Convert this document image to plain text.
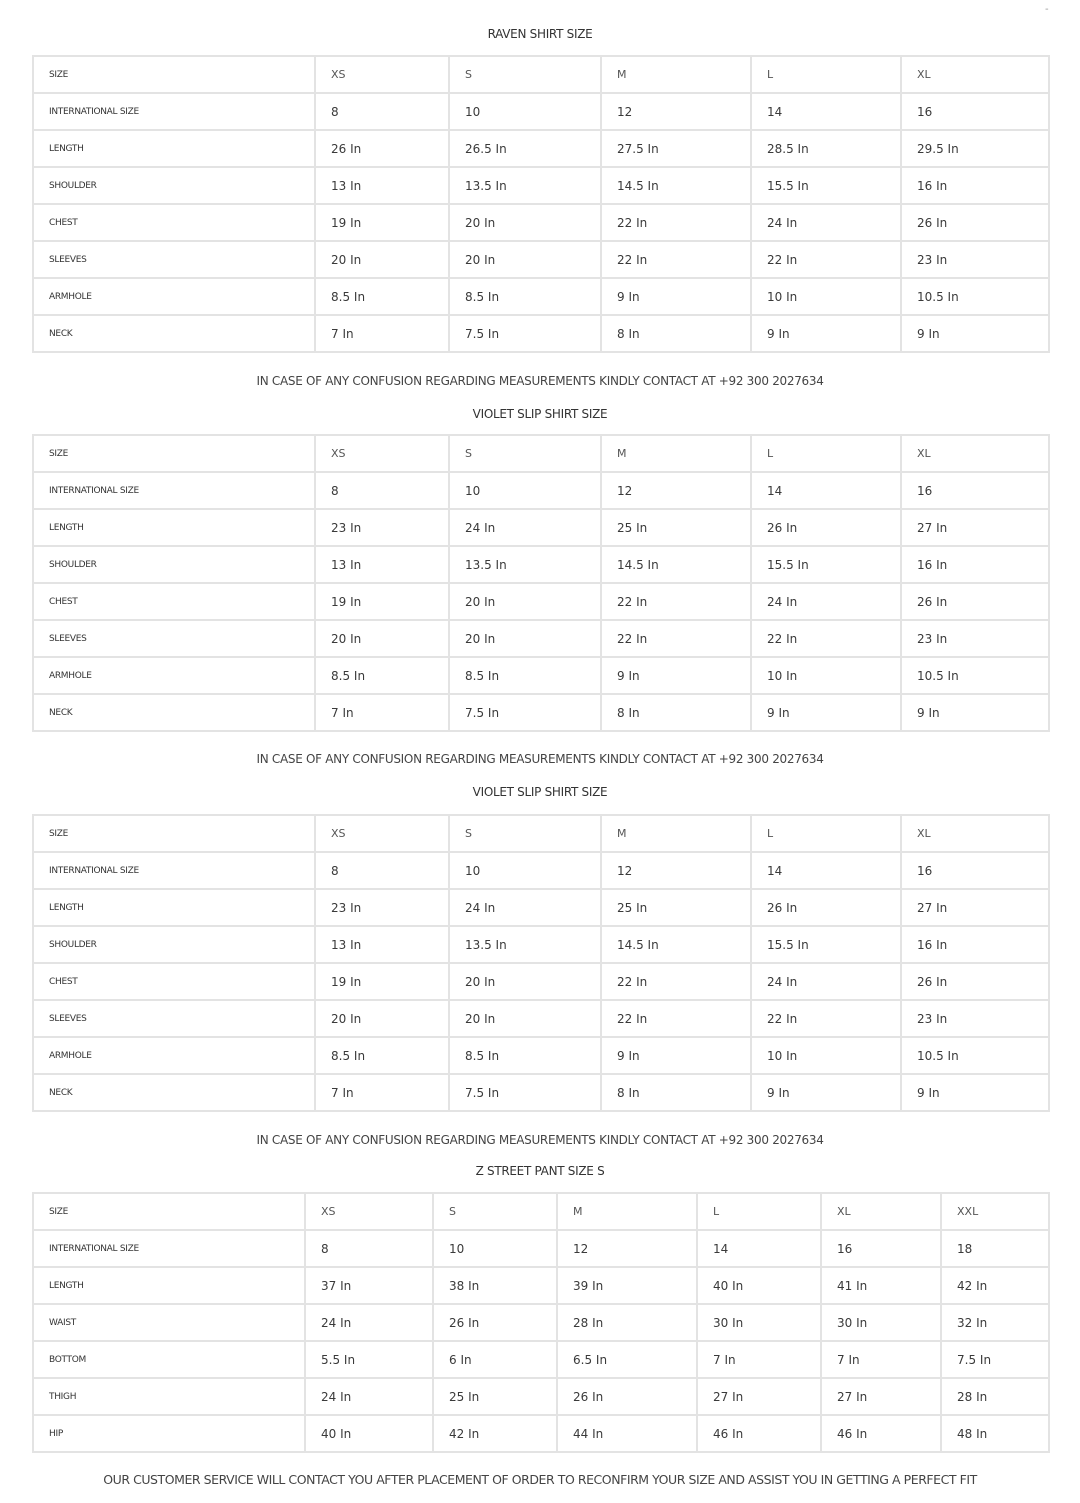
-
RAVEN SHIRT SIZE
SIZE	XS	S	M	L	XL
INTERNATIONAL SIZE	8	10	12	14	16
LENGTH	26 In	26.5 In	27.5 In	28.5 In	29.5 In
SHOULDER	13 In	13.5 In	14.5 In	15.5 In	16 In
CHEST	19 In	20 In	22 In	24 In	26 In
SLEEVES	20 In	20 In	22 In	22 In	23 In
ARMHOLE	8.5 In	8.5 In	9 In	10 In	10.5 In
NECK	7 In	7.5 In	8 In	9 In	9 In
IN CASE OF ANY CONFUSION REGARDING MEASUREMENTS KINDLY CONTACT AT +92 300 2027634
VIOLET SLIP SHIRT SIZE
SIZE	XS	S	M	L	XL
INTERNATIONAL SIZE	8	10	12	14	16
LENGTH	23 In	24 In	25 In	26 In	27 In
SHOULDER	13 In	13.5 In	14.5 In	15.5 In	16 In
CHEST	19 In	20 In	22 In	24 In	26 In
SLEEVES	20 In	20 In	22 In	22 In	23 In
ARMHOLE	8.5 In	8.5 In	9 In	10 In	10.5 In
NECK	7 In	7.5 In	8 In	9 In	9 In
IN CASE OF ANY CONFUSION REGARDING MEASUREMENTS KINDLY CONTACT AT +92 300 2027634
VIOLET SLIP SHIRT SIZE
SIZE	XS	S	M	L	XL
INTERNATIONAL SIZE	8	10	12	14	16
LENGTH	23 In	24 In	25 In	26 In	27 In
SHOULDER	13 In	13.5 In	14.5 In	15.5 In	16 In
CHEST	19 In	20 In	22 In	24 In	26 In
SLEEVES	20 In	20 In	22 In	22 In	23 In
ARMHOLE	8.5 In	8.5 In	9 In	10 In	10.5 In
NECK	7 In	7.5 In	8 In	9 In	9 In
IN CASE OF ANY CONFUSION REGARDING MEASUREMENTS KINDLY CONTACT AT +92 300 2027634
Z STREET PANT SIZE S
SIZE	XS	S	M	L	XL	XXL
INTERNATIONAL SIZE	8	10	12	14	16	18
LENGTH	37 In	38 In	39 In	40 In	41 In	42 In
WAIST	24 In	26 In	28 In	30 In	30 In	32 In
BOTTOM	5.5 In	6 In	6.5 In	7 In	7 In	7.5 In
THIGH	24 In	25 In	26 In	27 In	27 In	28 In
HIP	40 In	42 In	44 In	46 In	46 In	48 In
OUR CUSTOMER SERVICE WILL CONTACT YOU AFTER PLACEMENT OF ORDER TO RECONFIRM YOUR SIZE AND ASSIST YOU IN GETTING A PERFECT FIT
